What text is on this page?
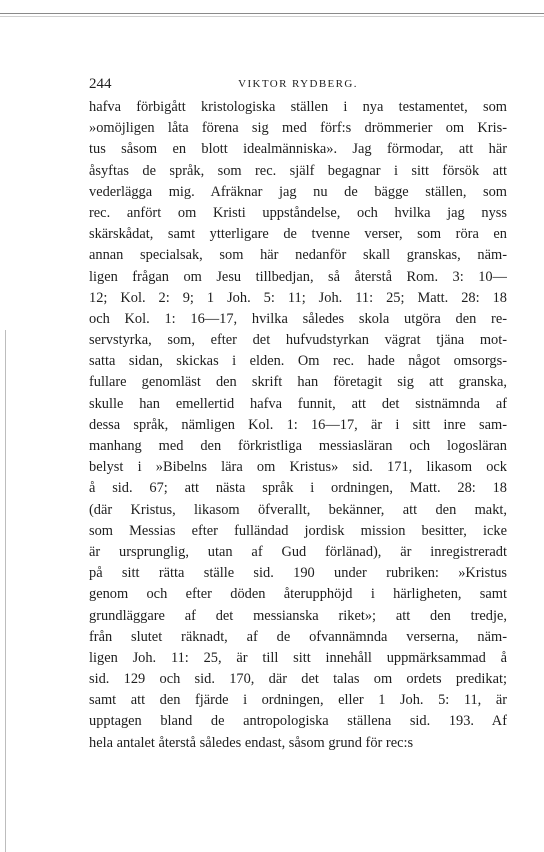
244	VIKTOR RYDBERG.
hafva förbigått kristologiska ställen i nya testamentet, som
»omöjligen låta förena sig med förf:s drömmerier om Kris-
tus såsom en blott idealmänniska». Jag förmodar, att här
åsyftas de språk, som rec. själf begagnar i sitt försök att
vederlägga mig. Afräknar jag nu de bägge ställen, som
rec. anfört om Kristi uppståndelse, och hvilka jag nyss
skärskådat, samt ytterligare de tvenne verser, som röra en
annan specialsak, som här nedanför skall granskas, näm-
ligen frågan om Jesu tillbedjan, så återstå Rom. 3: 10—
12; Kol. 2: 9; 1 Joh. 5: 11; Joh. 11: 25; Matt. 28: 18
och Kol. 1: 16—17, hvilka således skola utgöra den re-
servstyrka, som, efter det hufvudstyrkan vägrat tjäna mot-
satta sidan, skickas i elden. Om rec. hade något omsorgs-
fullare genomläst den skrift han företagit sig att granska,
skulle han emellertid hafva funnit, att det sistnämnda af
dessa språk, nämligen Kol. 1: 16—17, är i sitt inre sam-
manhang med den förkristliga messiasläran och logosläran
belyst i »Bibelns lära om Kristus» sid. 171, likasom ock
å sid. 67; att nästa språk i ordningen, Matt. 28: 18
(där Kristus, likasom öfverallt, bekänner, att den makt,
som Messias efter fulländad jordisk mission besitter, icke
är ursprunglig, utan af Gud förlänad), är inregistreradt
på sitt rätta ställe sid. 190 under rubriken: »Kristus
genom och efter döden återupphöjd i härligheten, samt
grundläggare af det messianska riket»; att den tredje,
från slutet räknadt, af de ofvannämnda verserna, näm-
ligen Joh. 11: 25, är till sitt innehåll uppmärksammad å
sid. 129 och sid. 170, där det talas om ordets predikat;
samt att den fjärde i ordningen, eller 1 Joh. 5: 11, är
upptagen bland de antropologiska ställena sid. 193. Af
hela antalet återstå således endast, såsom grund för rec:s
